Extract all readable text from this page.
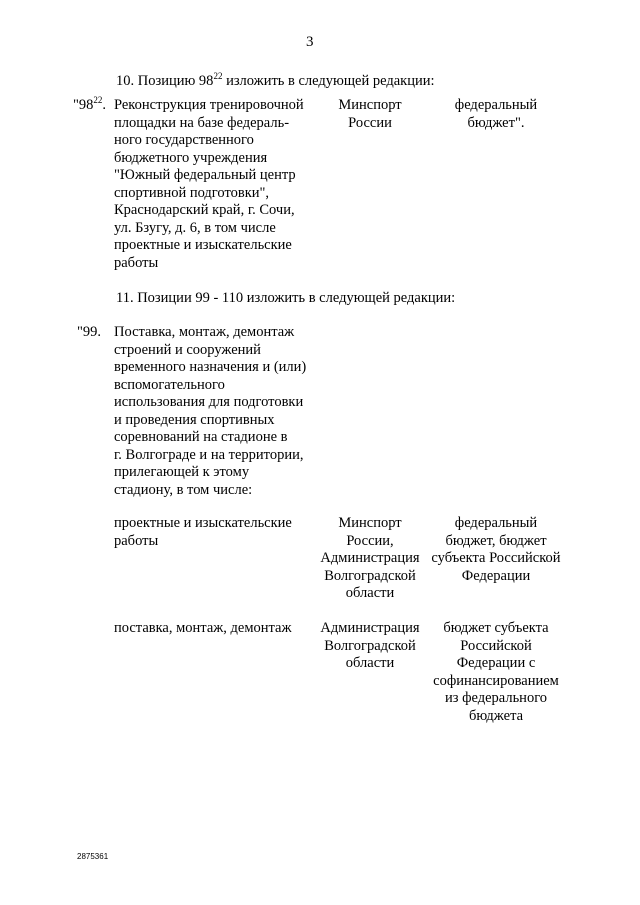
3
10. Позицию $98^{22}$ изложить в следующей редакции:
"$98^{22}$. Реконструкция тренировочной
площадки на базе федераль-
ного государственного
бюджетного учреждения
"Южный федеральный центр
спортивной подготовки",
Краснодарский край, г. Сочи,
ул. Бзугу, д. 6, в том числе
проектные и изыскательские
работы
Минспорт
России
федеральный
бюджет".
11. Позиции 99 - 110 изложить в следующей редакции:
"99. Поставка, монтаж, демонтаж
строений и сооружений
временного назначения и (или)
вспомогательного
использования для подготовки
и проведения спортивных
соревнований на стадионе в
г. Волгограде и на территории,
прилегающей к этому
стадиону, в том числе:
проектные и изыскательские
работы
Минспорт
России,
Администрация
Волгоградской
области
федеральный
бюджет, бюджет
субъекта Российской
Федерации
поставка, монтаж, демонтаж	Администрация
Волгоградской
области
бюджет субъекта
Российской
Федерации с
софинансированием
из федерального
бюджета
2875361
